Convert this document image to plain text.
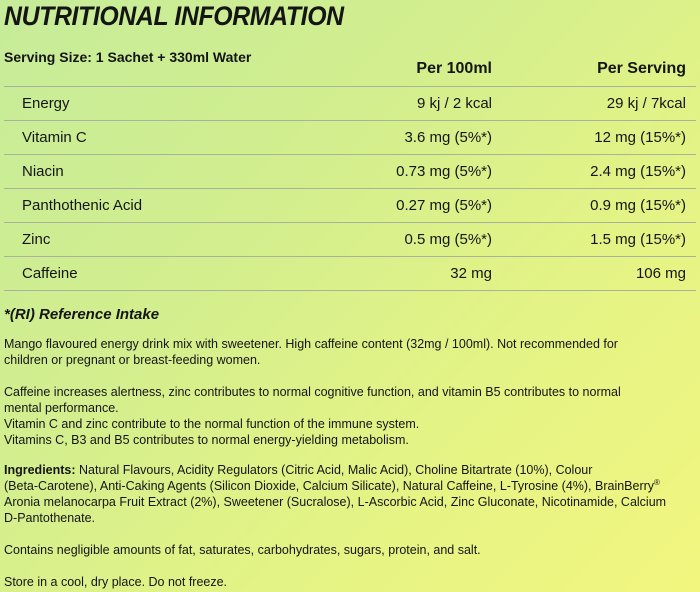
NUTRITIONAL INFORMATION
Serving Size: 1 Sachet + 330ml Water
Per 100ml	Per Serving
Energy	9 kj / 2 kcal	29 kj / 7kcal
Vitamin C	3.6 mg (5%*)	12 mg (15%*)
Niacin	0.73 mg (5%*)	2.4 mg (15%*)
Panthothenic Acid	0.27 mg (5%*)	0.9 mg (15%*)
Zinc	0.5 mg (5%*)	1.5 mg (15%*)
Caffeine	32 mg	106 mg
*(RI) Reference Intake

Mango flavoured energy drink mix with sweetener. High caffeine content (32mg / 100ml). Not recommended for
children or pregnant or breast-feeding women.

Caffeine increases alertness, zinc contributes to normal cognitive function, and vitamin B5 contributes to normal
mental performance.
Vitamin C and zinc contribute to the normal function of the immune system.
Vitamins C, B3 and B5 contributes to normal energy-yielding metabolism.

Ingredients: Natural Flavours, Acidity Regulators (Citric Acid, Malic Acid), Choline Bitartrate (10%), Colour
(Beta-Carotene), Anti-Caking Agents (Silicon Dioxide, Calcium Silicate), Natural Caffeine, L-Tyrosine (4%), BrainBerry®
Aronia melanocarpa Fruit Extract (2%), Sweetener (Sucralose), L-Ascorbic Acid, Zinc Gluconate, Nicotinamide, Calcium
D-Pantothenate.

Contains negligible amounts of fat, saturates, carbohydrates, sugars, protein, and salt.

Store in a cool, dry place. Do not freeze.
